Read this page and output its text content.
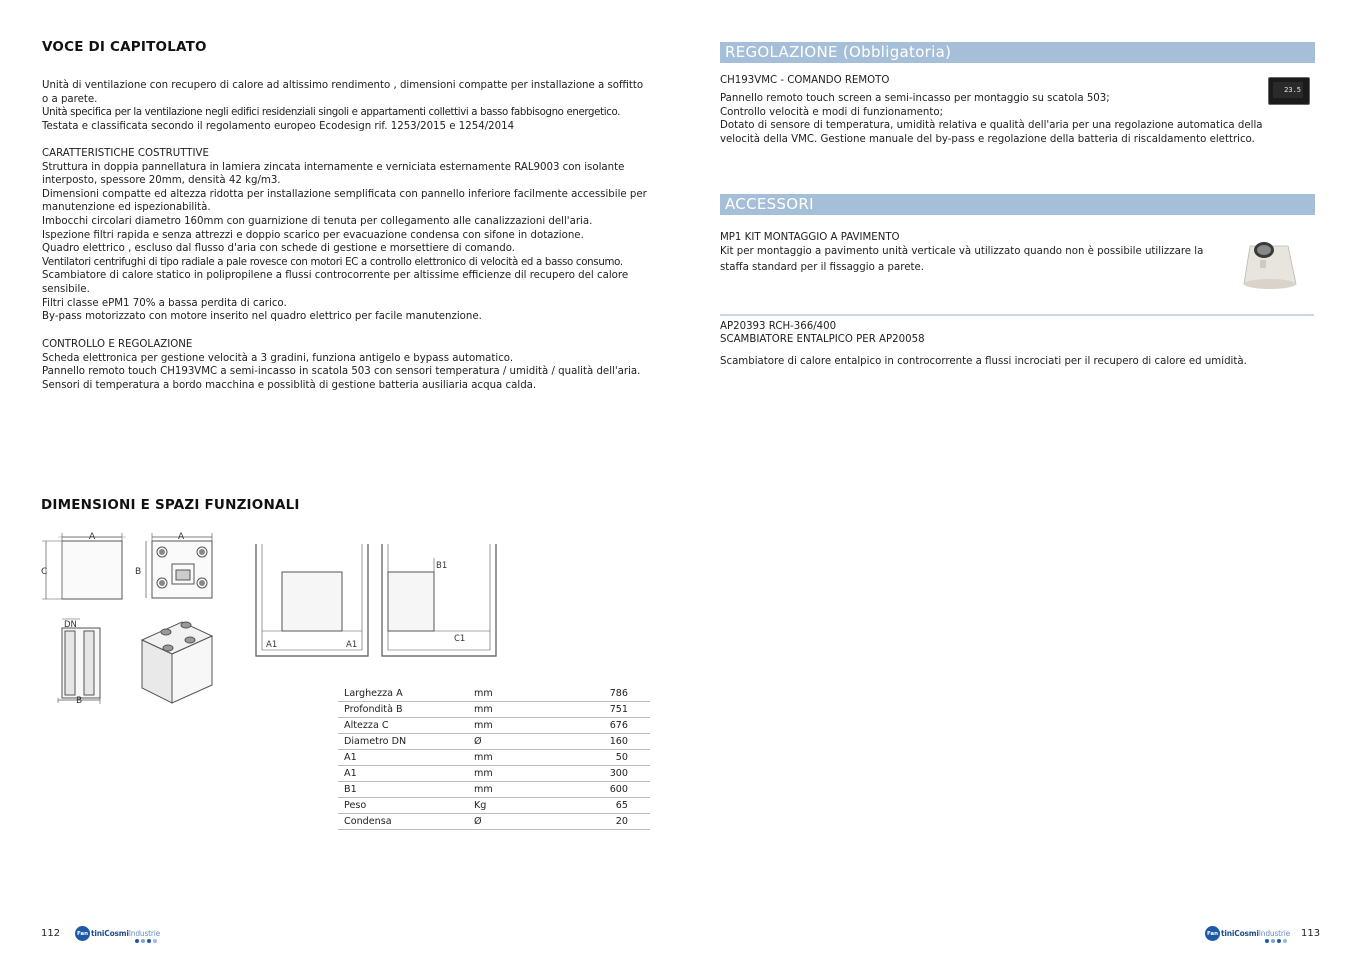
VOCE DI CAPITOLATO
Unità di ventilazione con recupero di calore ad altissimo rendimento , dimensioni compatte per installazione a soffitto
o a parete.
Unità specifica per la ventilazione negli edifici residenziali singoli e appartamenti collettivi a basso fabbisogno energetico.
Testata e classificata secondo il regolamento europeo Ecodesign rif. 1253/2015 e 1254/2014
CARATTERISTICHE COSTRUTTIVE
Struttura in doppia pannellatura in lamiera zincata internamente e verniciata esternamente RAL9003 con isolante
interposto, spessore 20mm, densità 42 kg/m3.
Dimensioni compatte ed altezza ridotta per installazione semplificata con pannello inferiore facilmente accessibile per
manutenzione ed ispezionabilità.
Imbocchi circolari diametro 160mm con guarnizione di tenuta per collegamento alle canalizzazioni dell'aria.
Ispezione filtri rapida e senza attrezzi e doppio scarico per evacuazione condensa con sifone in dotazione.
Quadro elettrico , escluso dal flusso d'aria con schede di gestione e morsettiere di comando.
Ventilatori centrifughi di tipo radiale a pale rovesce con motori EC a controllo elettronico di velocità ed a basso consumo.
Scambiatore di calore statico in polipropilene a flussi controcorrente per altissime efficienze dil recupero del calore
sensibile.
Filtri classe ePM1 70% a bassa perdita di carico.
By-pass motorizzato con motore inserito nel quadro elettrico per facile manutenzione.
CONTROLLO E REGOLAZIONE
Scheda elettronica per gestione velocità a 3 gradini, funziona antigelo e bypass automatico.
Pannello remoto touch CH193VMC a semi-incasso in scatola 503 con sensori temperatura / umidità / qualità dell'aria.
Sensori di temperatura a bordo macchina e possiblità di gestione batteria ausiliaria acqua calda.
DIMENSIONI E SPAZI FUNZIONALI
A	A
C	B
DN
B
A1	A1
B1
C1
Larghezza A	mm	786
Profondità B	mm	751
Altezza C	mm	676
Diametro DN	Ø	160
A1	mm	50
A1	mm	300
B1	mm	600
Peso	Kg	65
Condensa	Ø	20
112	Fan tiniCosmiIndustrie
REGOLAZIONE (Obbligatoria)
CH193VMC - COMANDO REMOTO
Pannello remoto touch screen a semi-incasso per montaggio su scatola 503;
Controllo velocità e modi di funzionamento;
Dotato di sensore di temperatura, umidità relativa e qualità dell'aria per una regolazione automatica della
velocità della VMC. Gestione manuale del by-pass e regolazione della batteria di riscaldamento elettrico.
23.5
ACCESSORI
MP1 KIT MONTAGGIO A PAVIMENTO
Kit per montaggio a pavimento unità verticale và utilizzato quando non è possibile utilizzare la
staffa standard per il fissaggio a parete.
AP20393 RCH-366/400
SCAMBIATORE ENTALPICO PER AP20058
Scambiatore di calore entalpico in controcorrente a flussi incrociati per il recupero di calore ed umidità.
Fan tiniCosmiIndustrie 113
